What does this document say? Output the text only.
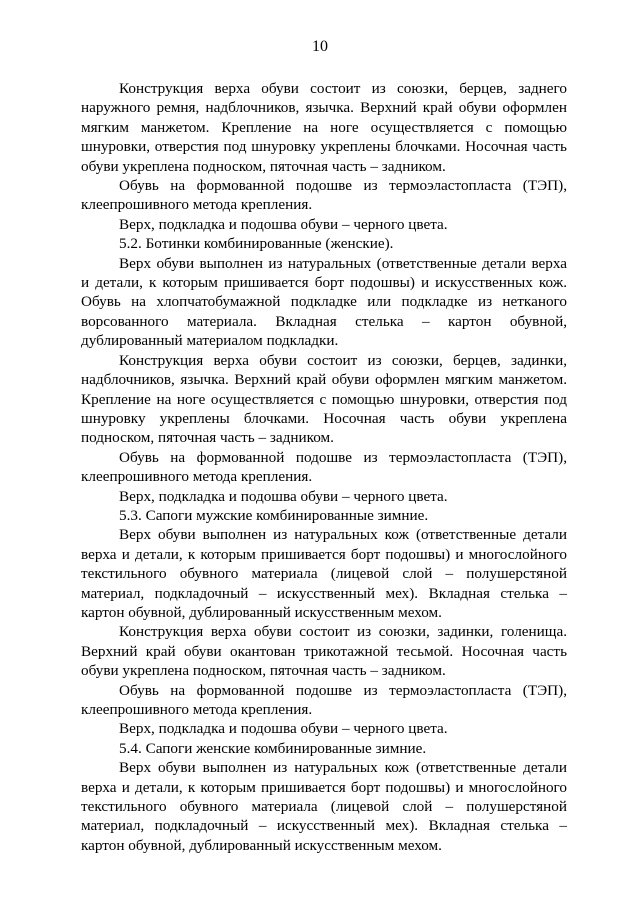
10

Конструкция верха обуви состоит из союзки, берцев, заднего наружного ремня, надблочников, язычка. Верхний край обуви оформлен мягким манжетом. Крепление на ноге осуществляется с помощью шнуровки, отверстия под шнуровку укреплены блочками. Носочная часть обуви укреплена подноском, пяточная часть – задником.

Обувь на формованной подошве из термоэластопласта (ТЭП), клеепрошивного метода крепления.

Верх, подкладка и подошва обуви – черного цвета.

5.2. Ботинки комбинированные (женские).

Верх обуви выполнен из натуральных (ответственные детали верха и детали, к которым пришивается борт подошвы) и искусственных кож. Обувь на хлопчатобумажной подкладке или подкладке из нетканого ворсованного материала. Вкладная стелька – картон обувной, дублированный материалом подкладки.

Конструкция верха обуви состоит из союзки, берцев, задинки, надблочников, язычка. Верхний край обуви оформлен мягким манжетом. Крепление на ноге осуществляется с помощью шнуровки, отверстия под шнуровку укреплены блочками. Носочная часть обуви укреплена подноском, пяточная часть – задником.

Обувь на формованной подошве из термоэластопласта (ТЭП), клеепрошивного метода крепления.

Верх, подкладка и подошва обуви – черного цвета.

5.3. Сапоги мужские комбинированные зимние.

Верх обуви выполнен из натуральных кож (ответственные детали верха и детали, к которым пришивается борт подошвы) и многослойного текстильного обувного материала (лицевой слой – полушерстяной материал, подкладочный – искусственный мех). Вкладная стелька – картон обувной, дублированный искусственным мехом.

Конструкция верха обуви состоит из союзки, задинки, голенища. Верхний край обуви окантован трикотажной тесьмой. Носочная часть обуви укреплена подноском, пяточная часть – задником.

Обувь на формованной подошве из термоэластопласта (ТЭП), клеепрошивного метода крепления.

Верх, подкладка и подошва обуви – черного цвета.

5.4. Сапоги женские комбинированные зимние.

Верх обуви выполнен из натуральных кож (ответственные детали верха и детали, к которым пришивается борт подошвы) и многослойного текстильного обувного материала (лицевой слой – полушерстяной материал, подкладочный – искусственный мех). Вкладная стелька – картон обувной, дублированный искусственным мехом.
